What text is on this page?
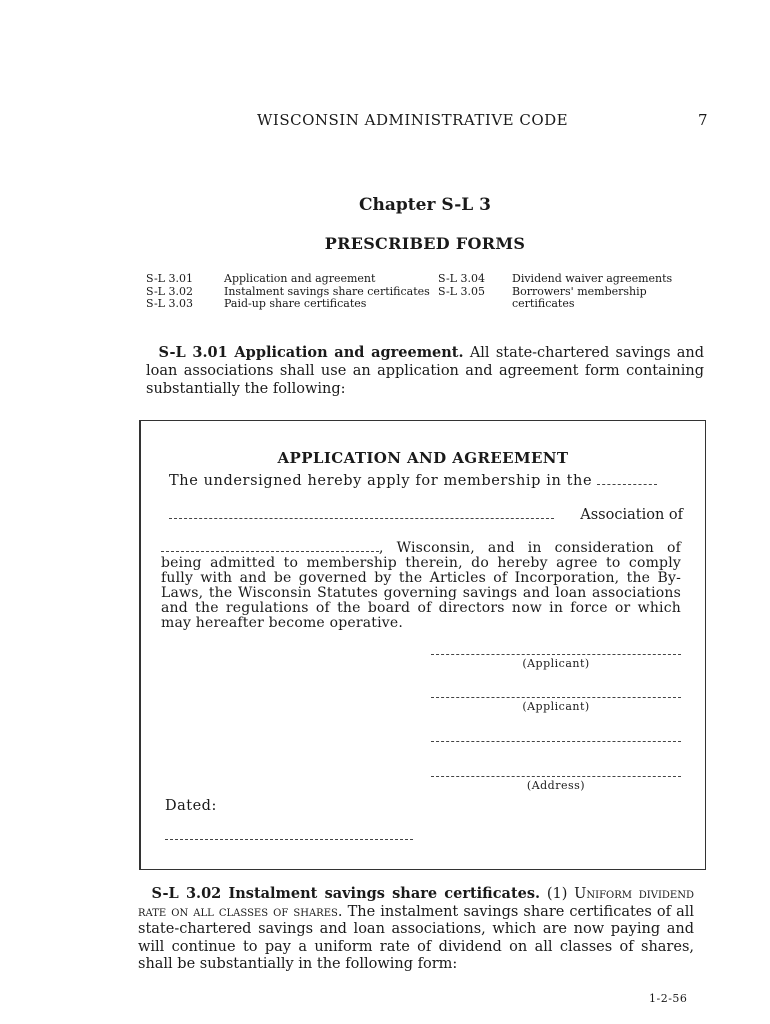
WISCONSIN ADMINISTRATIVE CODE	7
Chapter S-L 3
PRESCRIBED FORMS
S-L 3.01	Application and agreement
S-L 3.02	Instalment savings share certificates
S-L 3.03	Paid-up share certificates
S-L 3.04	Dividend waiver agreements
S-L 3.05	Borrowers' membership certificates
S-L 3.01 Application and agreement. All state-chartered savings and loan associations shall use an application and agreement form containing substantially the following:
APPLICATION AND AGREEMENT
The undersigned hereby apply for membership in the
Association of
, Wisconsin, and in consideration of being admitted to membership therein, do hereby agree to comply fully with and be governed by the Articles of Incorporation, the By-Laws, the Wisconsin Statutes governing savings and loan associations and the regulations of the board of directors now in force or which may hereafter become operative.
(Applicant)
(Applicant)
(Address)
Dated:
S-L 3.02 Instalment savings share certificates. (1) Uniform dividend rate on all classes of shares. The instalment savings share certificates of all state-chartered savings and loan associations, which are now paying and will continue to pay a uniform rate of dividend on all classes of shares, shall be substantially in the following form:
1-2-56
